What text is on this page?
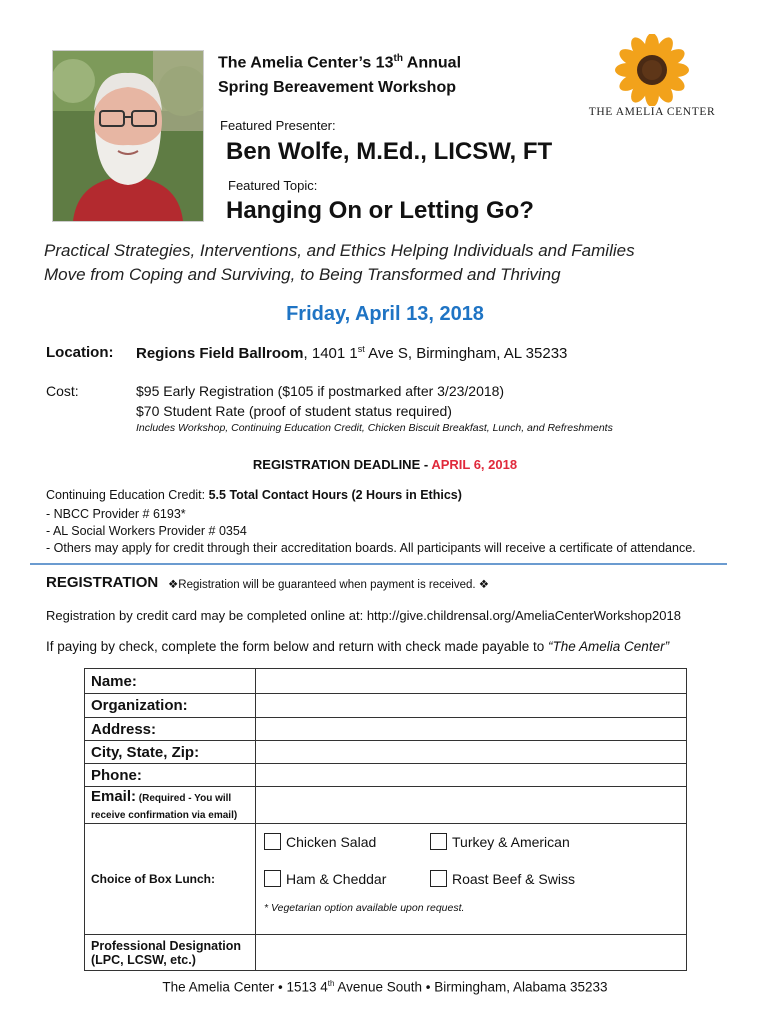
The Amelia Center’s 13th Annual
Spring Bereavement Workshop
Featured Presenter:
Ben Wolfe, M.Ed., LICSW, FT
Featured Topic:
Hanging On or Letting Go?
THE AMELIA CENTER
Practical Strategies, Interventions, and Ethics Helping Individuals and Families
Move from Coping and Surviving, to Being Transformed and Thriving
Friday, April 13, 2018
Location: Regions Field Ballroom, 1401 1st Ave S, Birmingham, AL 35233
Cost:	$95 Early Registration ($105 if postmarked after 3/23/2018)
$70 Student Rate (proof of student status required)
Includes Workshop, Continuing Education Credit, Chicken Biscuit Breakfast, Lunch, and Refreshments
REGISTRATION DEADLINE - APRIL 6, 2018
Continuing Education Credit: 5.5 Total Contact Hours (2 Hours in Ethics)
- NBCC Provider # 6193*
- AL Social Workers Provider # 0354
- Others may apply for credit through their accreditation boards. All participants will receive a certificate of attendance.
REGISTRATION ❖Registration will be guaranteed when payment is received. ❖
Registration by credit card may be completed online at: http://give.childrensal.org/AmeliaCenterWorkshop2018
If paying by check, complete the form below and return with check made payable to “The Amelia Center”
Name:	
Organization:	
Address:	
City, State, Zip:	
Phone:	
Email: (Required - You will
receive confirmation via email)	
Choice of Box Lunch:	Chicken Salad Turkey & American
Ham & Cheddar Roast Beef & Swiss
* Vegetarian option available upon request.

Professional Designation
(LPC, LCSW, etc.)	
The Amelia Center • 1513 4th Avenue South • Birmingham, Alabama 35233
